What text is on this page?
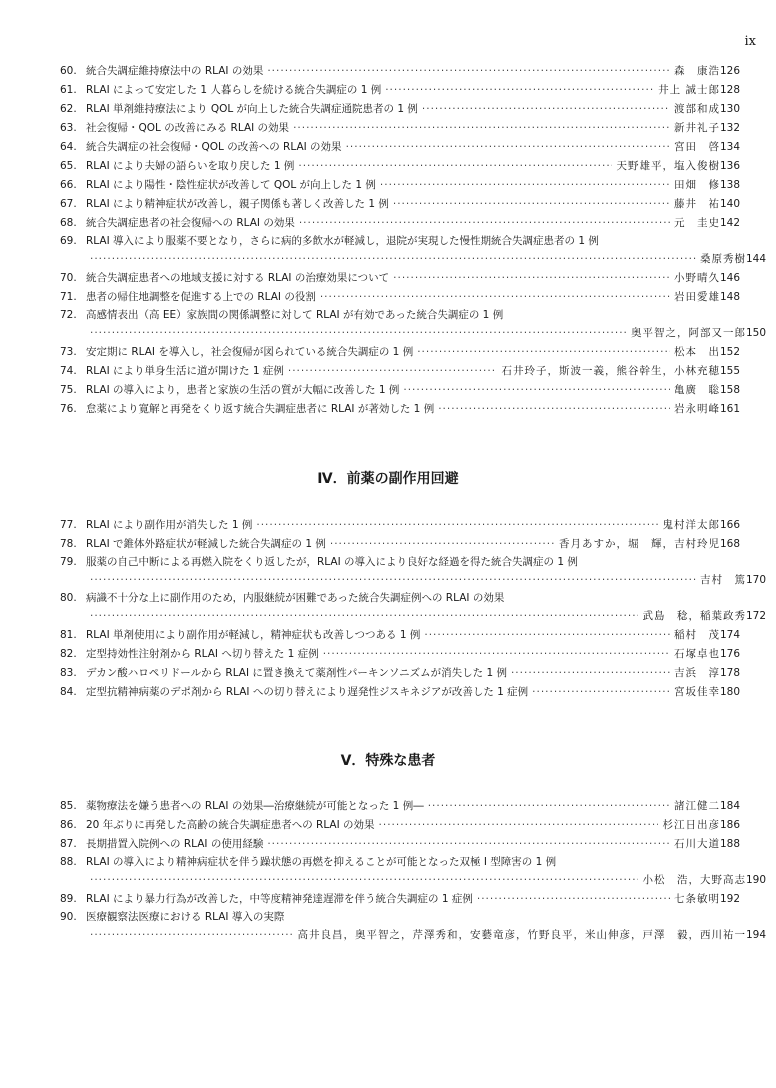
ix
60. 統合失調症維持療法中の RLAI の効果 ·····	森　康浩 126
61. RLAI によって安定した 1 人暮らしを続ける統合失調症の 1 例 ·····	井上 誠士郎 128
62. RLAI 単剤維持療法により QOL が向上した統合失調症通院患者の 1 例 ·····	渡部和成 130
63. 社会復帰・QOL の改善にみる RLAI の効果 ·····	新井礼子 132
64. 統合失調症の社会復帰・QOL の改善への RLAI の効果 ·····	宮田　啓 134
65. RLAI により夫婦の語らいを取り戻した 1 例 ·····	天野雄平，塩入俊樹 136
66. RLAI により陽性・陰性症状が改善して QOL が向上した 1 例 ·····	田畑　修 138
67. RLAI により精神症状が改善し，親子関係も著しく改善した 1 例 ·····	藤井　祐 140
68. 統合失調症患者の社会復帰への RLAI の効果 ·····	元　圭史 142
69. RLAI 導入により服薬不要となり，さらに病的多飲水が軽減し，退院が実現した慢性期統合失調症患者の 1 例
·····
桑原秀樹 144
70. 統合失調症患者への地域支援に対する RLAI の治療効果について ·····	小野晴久 146
71. 患者の帰住地調整を促進する上での RLAI の役割 ·····	岩田愛雄 148
72. 高感情表出（高 EE）家族間の関係調整に対して RLAI が有効であった統合失調症の 1 例
·····
奥平智之，阿部又一郎 150
73. 安定期に RLAI を導入し，社会復帰が図られている統合失調症の 1 例 ·····	松本　出 152
74. RLAI により単身生活に道が開けた 1 症例 ·····	石井玲子，斯波一義，熊谷幹生，小林充穂 155
75. RLAI の導入により，患者と家族の生活の質が大幅に改善した 1 例 ·····	亀廣　聡 158
76. 怠薬により寛解と再発をくり返す統合失調症患者に RLAI が著効した 1 例 ·····	岩永明峰 161
Ⅳ．前薬の副作用回避
77. RLAI により副作用が消失した 1 例 ·····	鬼村洋太郎 166
78. RLAI で錐体外路症状が軽減した統合失調症の 1 例 ·····	香月あすか，堀　輝，吉村玲児 168
79. 服薬の自己中断による再燃入院をくり返したが，RLAI の導入により良好な経過を得た統合失調症の 1 例
·····
吉村　篤 170
80. 病識不十分な上に副作用のため，内服継続が困難であった統合失調症例への RLAI の効果
·····
武島　稔，稲葉政秀 172
81. RLAI 単剤使用により副作用が軽減し，精神症状も改善しつつある 1 例 ·····	稲村　茂 174
82. 定型持効性注射剤から RLAI へ切り替えた 1 症例 ·····	石塚卓也 176
83. デカン酸ハロペリドールから RLAI に置き換えて薬剤性パーキンソニズムが消失した 1 例 ·····	吉浜　淳 178
84. 定型抗精神病薬のデポ剤から RLAI への切り替えにより遅発性ジスキネジアが改善した 1 症例 ·····	宮坂佳幸 180
Ⅴ．特殊な患者
85. 薬物療法を嫌う患者への RLAI の効果―治療継続が可能となった 1 例― ·····	諸江健二 184
86. 20 年ぶりに再発した高齢の統合失調症患者への RLAI の効果 ·····	杉江日出彦 186
87. 長期措置入院例への RLAI の使用経験 ·····	石川大道 188
88. RLAI の導入により精神病症状を伴う躁状態の再燃を抑えることが可能となった双極 I 型障害の 1 例
·····
小松　浩，大野高志 190
89. RLAI により暴力行為が改善した，中等度精神発達遅滞を伴う統合失調症の 1 症例 ·····	七条敏明 192
90. 医療観察法医療における RLAI 導入の実際
·····
高井良昌，奥平智之，芹澤秀和，安藝竜彦，竹野良平，米山伸彦，戸澤　毅，西川祐一 194
